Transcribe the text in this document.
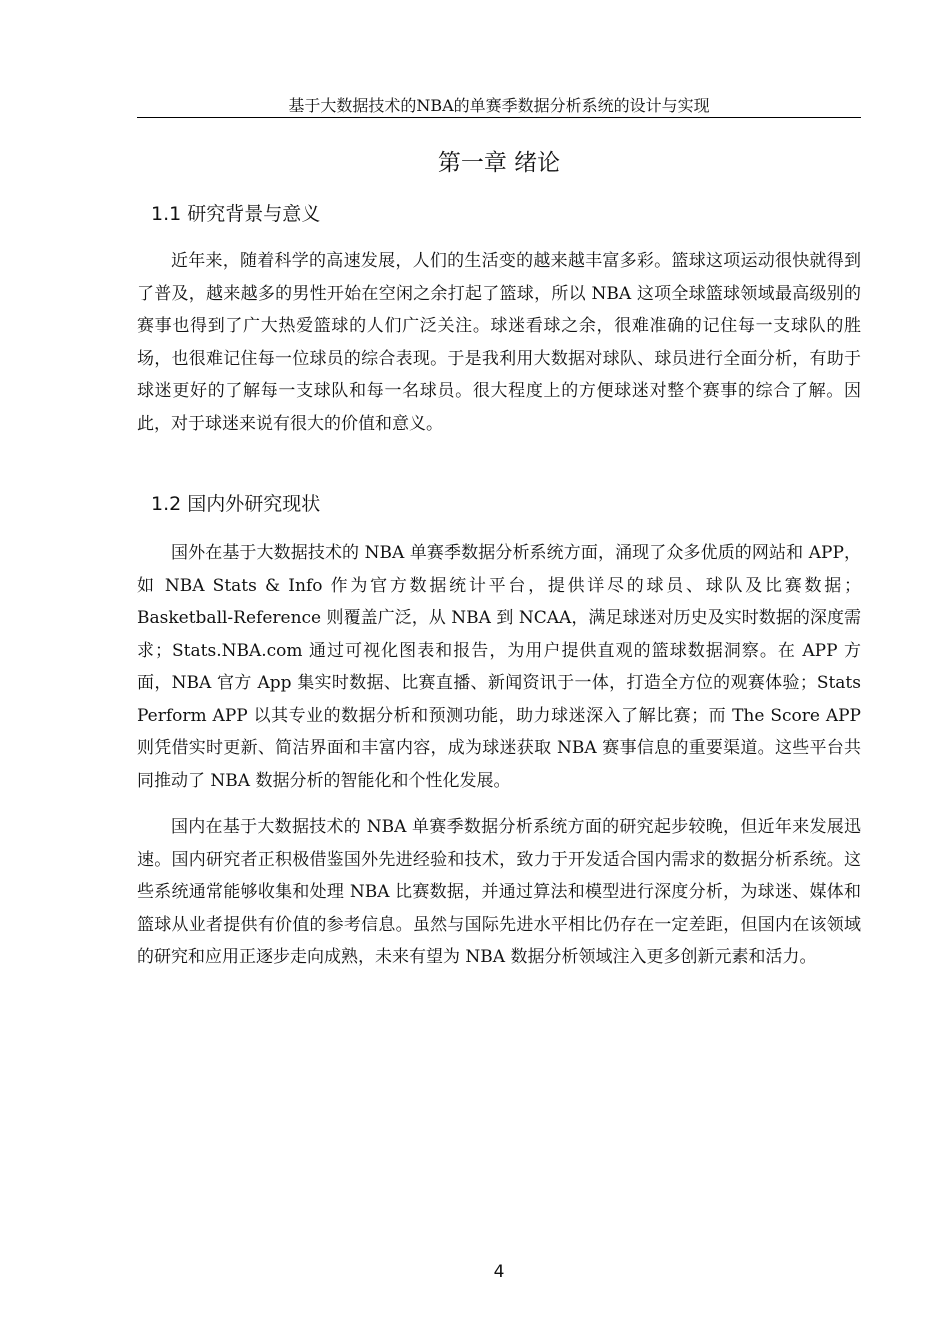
基于大数据技术的NBA的单赛季数据分析系统的设计与实现
第一章 绪论
1.1 研究背景与意义

近年来，随着科学的高速发展，人们的生活变的越来越丰富多彩。篮球这项运动很快就得到了普及，越来越多的男性开始在空闲之余打起了篮球，所以 NBA 这项全球篮球领域最高级别的赛事也得到了广大热爱篮球的人们广泛关注。球迷看球之余，很难准确的记住每一支球队的胜场，也很难记住每一位球员的综合表现。于是我利用大数据对球队、球员进行全面分析，有助于球迷更好的了解每一支球队和每一名球员。很大程度上的方便球迷对整个赛事的综合了解。因此，对于球迷来说有很大的价值和意义。

1.2 国内外研究现状

国外在基于大数据技术的 NBA 单赛季数据分析系统方面，涌现了众多优质的网站和 APP，如 NBA Stats & Info 作为官方数据统计平台，提供详尽的球员、球队及比赛数据；Basketball-Reference 则覆盖广泛，从 NBA 到 NCAA，满足球迷对历史及实时数据的深度需求；Stats.NBA.com 通过可视化图表和报告，为用户提供直观的篮球数据洞察。在 APP 方面，NBA 官方 App 集实时数据、比赛直播、新闻资讯于一体，打造全方位的观赛体验；Stats Perform APP 以其专业的数据分析和预测功能，助力球迷深入了解比赛；而 The Score APP 则凭借实时更新、简洁界面和丰富内容，成为球迷获取 NBA 赛事信息的重要渠道。这些平台共同推动了 NBA 数据分析的智能化和个性化发展。

国内在基于大数据技术的 NBA 单赛季数据分析系统方面的研究起步较晚，但近年来发展迅速。国内研究者正积极借鉴国外先进经验和技术，致力于开发适合国内需求的数据分析系统。这些系统通常能够收集和处理 NBA 比赛数据，并通过算法和模型进行深度分析，为球迷、媒体和篮球从业者提供有价值的参考信息。虽然与国际先进水平相比仍存在一定差距，但国内在该领域的研究和应用正逐步走向成熟，未来有望为 NBA 数据分析领域注入更多创新元素和活力。

4
